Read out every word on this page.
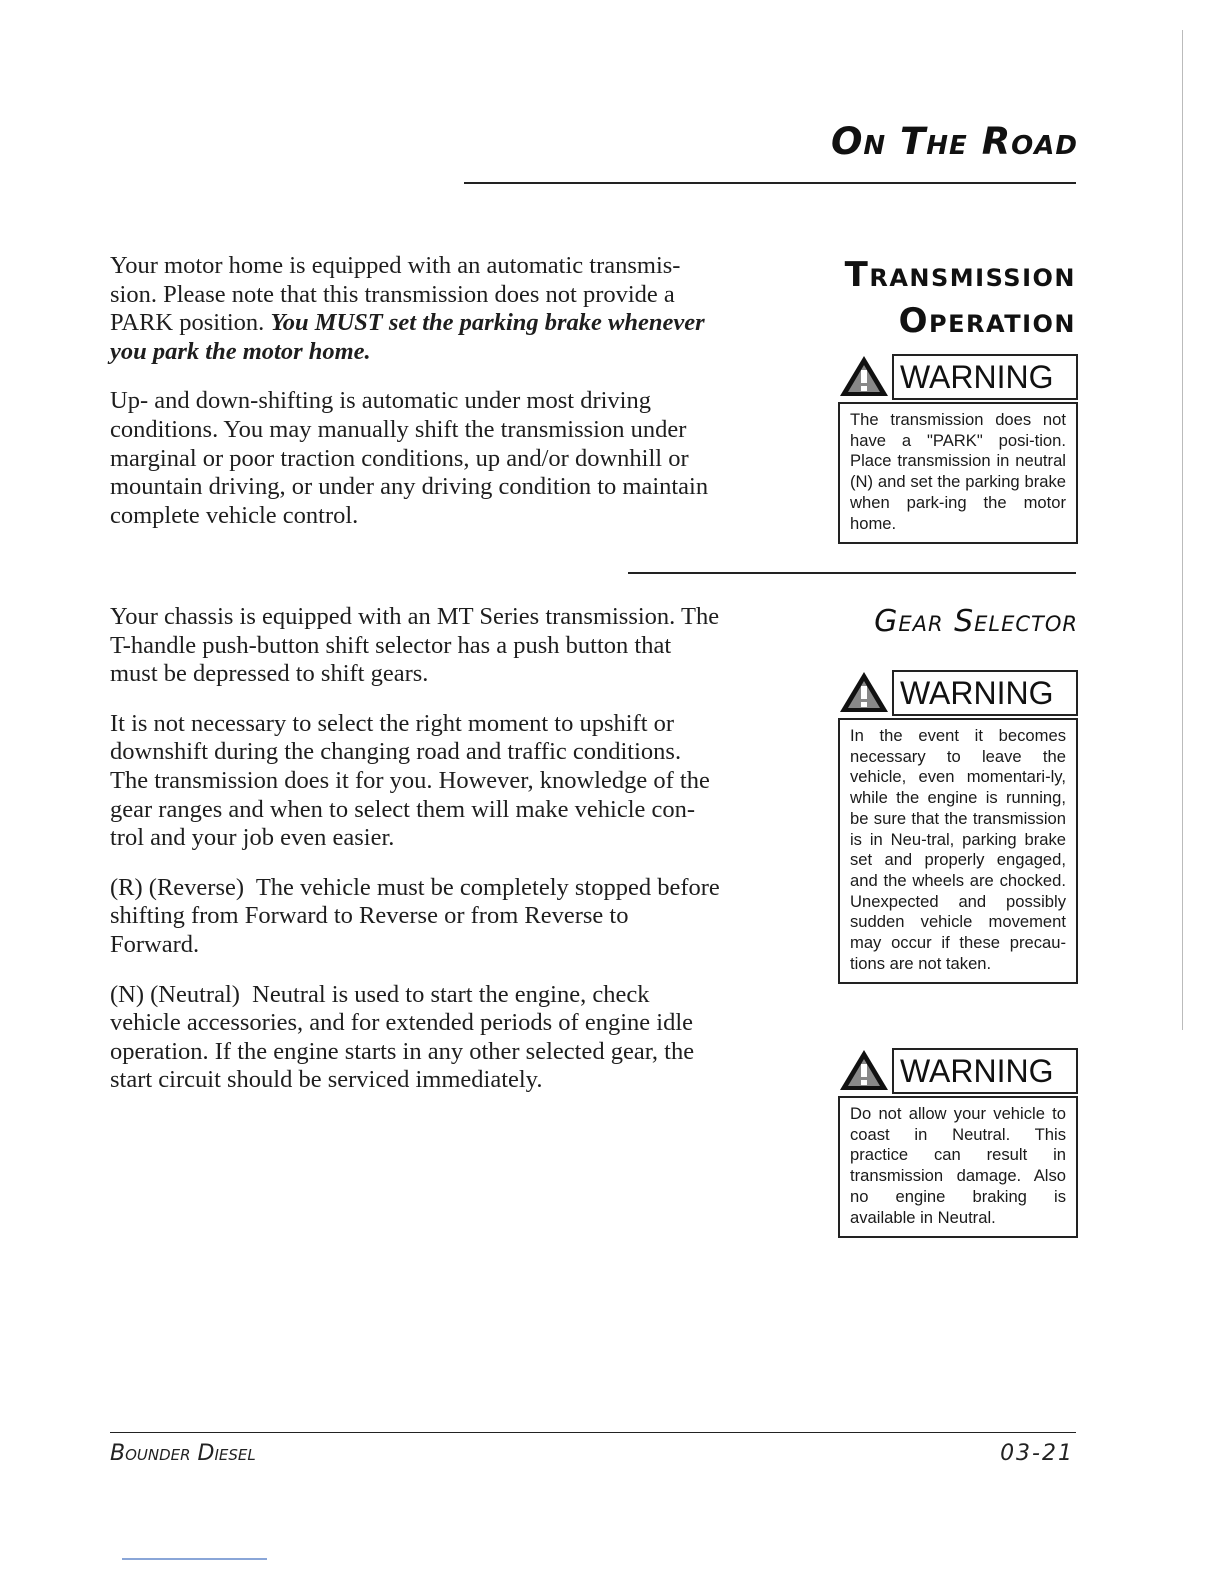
On The Road

Your motor home is equipped with an automatic transmis-sion. Please note that this transmission does not provide a PARK position. You MUST set the parking brake whenever you park the motor home.

Up- and down-shifting is automatic under most driving conditions. You may manually shift the transmission under marginal or poor traction conditions, up and/or downhill or mountain driving, or under any driving condition to maintain complete vehicle control.

Transmission
Operation
WARNING
The transmission does not have a "PARK" posi-tion. Place transmission in neutral (N) and set the parking brake when park-ing the motor home.

Your chassis is equipped with an MT Series transmission. The T-handle push-button shift selector has a push button that must be depressed to shift gears.

It is not necessary to select the right moment to upshift or downshift during the changing road and traffic conditions. The transmission does it for you. However, knowledge of the gear ranges and when to select them will make vehicle con-trol and your job even easier.

(R) (Reverse)  The vehicle must be completely stopped before shifting from Forward to Reverse or from Reverse to Forward.

(N) (Neutral)  Neutral is used to start the engine, check vehicle accessories, and for extended periods of engine idle operation. If the engine starts in any other selected gear, the start circuit should be serviced immediately.

Gear Selector
WARNING
In the event it becomes necessary to leave the vehicle, even momentari-ly, while the engine is running, be sure that the transmission is in Neu-tral, parking brake set and properly engaged, and the wheels are chocked. Unexpected and possibly sudden vehicle movement may occur if these precau-tions are not taken.
WARNING
Do not allow your vehicle to coast in Neutral. This practice can result in transmission damage. Also no engine braking is available in Neutral.
Bounder Diesel	03-21
